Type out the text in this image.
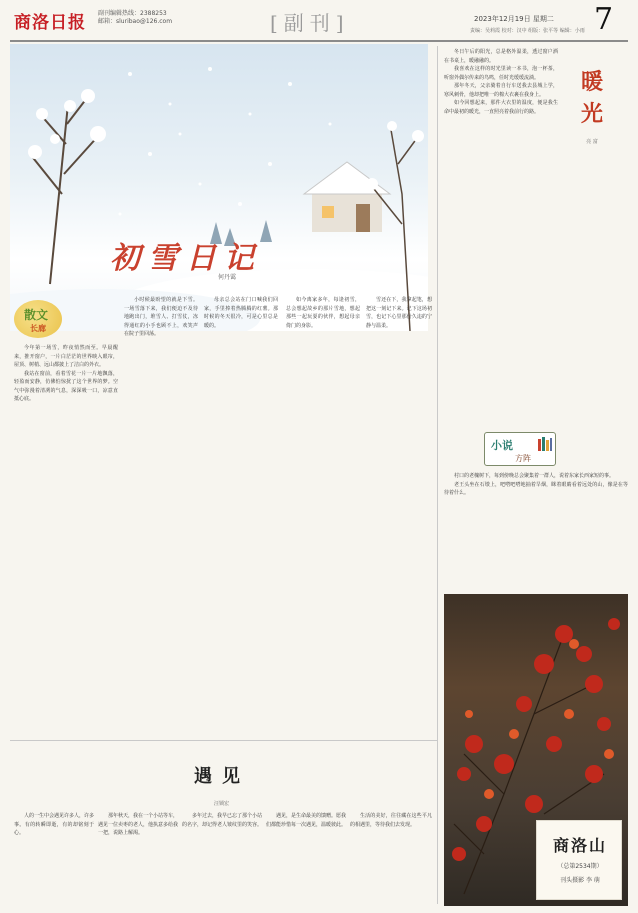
商洛日报 副刊编辑热线：2388253
邮箱：sluribao@126.com	[副刊]	2023年12月19日 星期二
责编：吴莉霞 校对：汉中 组版：张平等 编辑：小雨 7
初雪日记
何丹霭
散文
长廊

今年第一场雪，昨夜悄然而至。早晨醒来，推开窗户，一片白茫茫的世界映入眼帘，屋顶、树梢、远山都披上了洁白的外衣。

我站在窗前，看着雪花一片一片地飘落，轻盈而安静，仿佛怕惊扰了这个世界的梦。空气中弥漫着清冽的气息，深深吸一口，凉意直抵心底。

小时候最盼望的就是下雪。一场雪落下来，我们便迫不及待地跑出门，堆雪人、打雪仗，冻得通红的小手也顾不上，欢笑声在院子里回荡。

母亲总会站在门口喊我们回家，手里捧着热腾腾的红薯。那时候的冬天很冷，可是心里总是暖的。

如今离家多年，每逢初雪，总会想起故乡的那片雪地，想起那些一起玩耍的伙伴，想起母亲倚门的身影。

雪还在下，我拿起笔，想把这一刻记下来。记下这场初雪，也记下心里那份久违的宁静与温柔。

冬日午后的阳光，总是格外温柔，透过窗户洒在书桌上，暖融融的。

我喜欢在这样的时光里读一本书，泡一杯茶，听窗外偶尔传来的鸟鸣，任时光缓缓流淌。

那年冬天，父亲骑着自行车送我去县城上学，寒风刺骨，他却把唯一的棉大衣裹在我身上。

如今回想起来，那件大衣里的温度，便是我生命中最初的暖光，一直照亮着我前行的路。

暖
光
亮 富
小说
方阵

村口的老槐树下，每到傍晚总会聚集着一群人，说着东家长西家短的事。

老王头坐在石墩上，吧嗒吧嗒地抽着旱烟，眯着眼睛看着远处的山，像是在等待着什么。

商洛山
（总第2534期）
刊头摄影 李 萌
遇见
汪锁宏

人的一生中会遇见许多人，许多事。有的转瞬即逝，有的却铭刻于心。

那年秋天，我在一个小站等车，遇见一位卖枣的老人，他执意多给我一把，说路上解渴。

多年过去，我早已忘了那个小站的名字，却记得老人皱纹里的笑容。

遇见，是生命最美的馈赠。愿我们都能珍惜每一次遇见，温暖彼此。

生活的美好，往往藏在这些平凡的相遇里，等待我们去发现。
